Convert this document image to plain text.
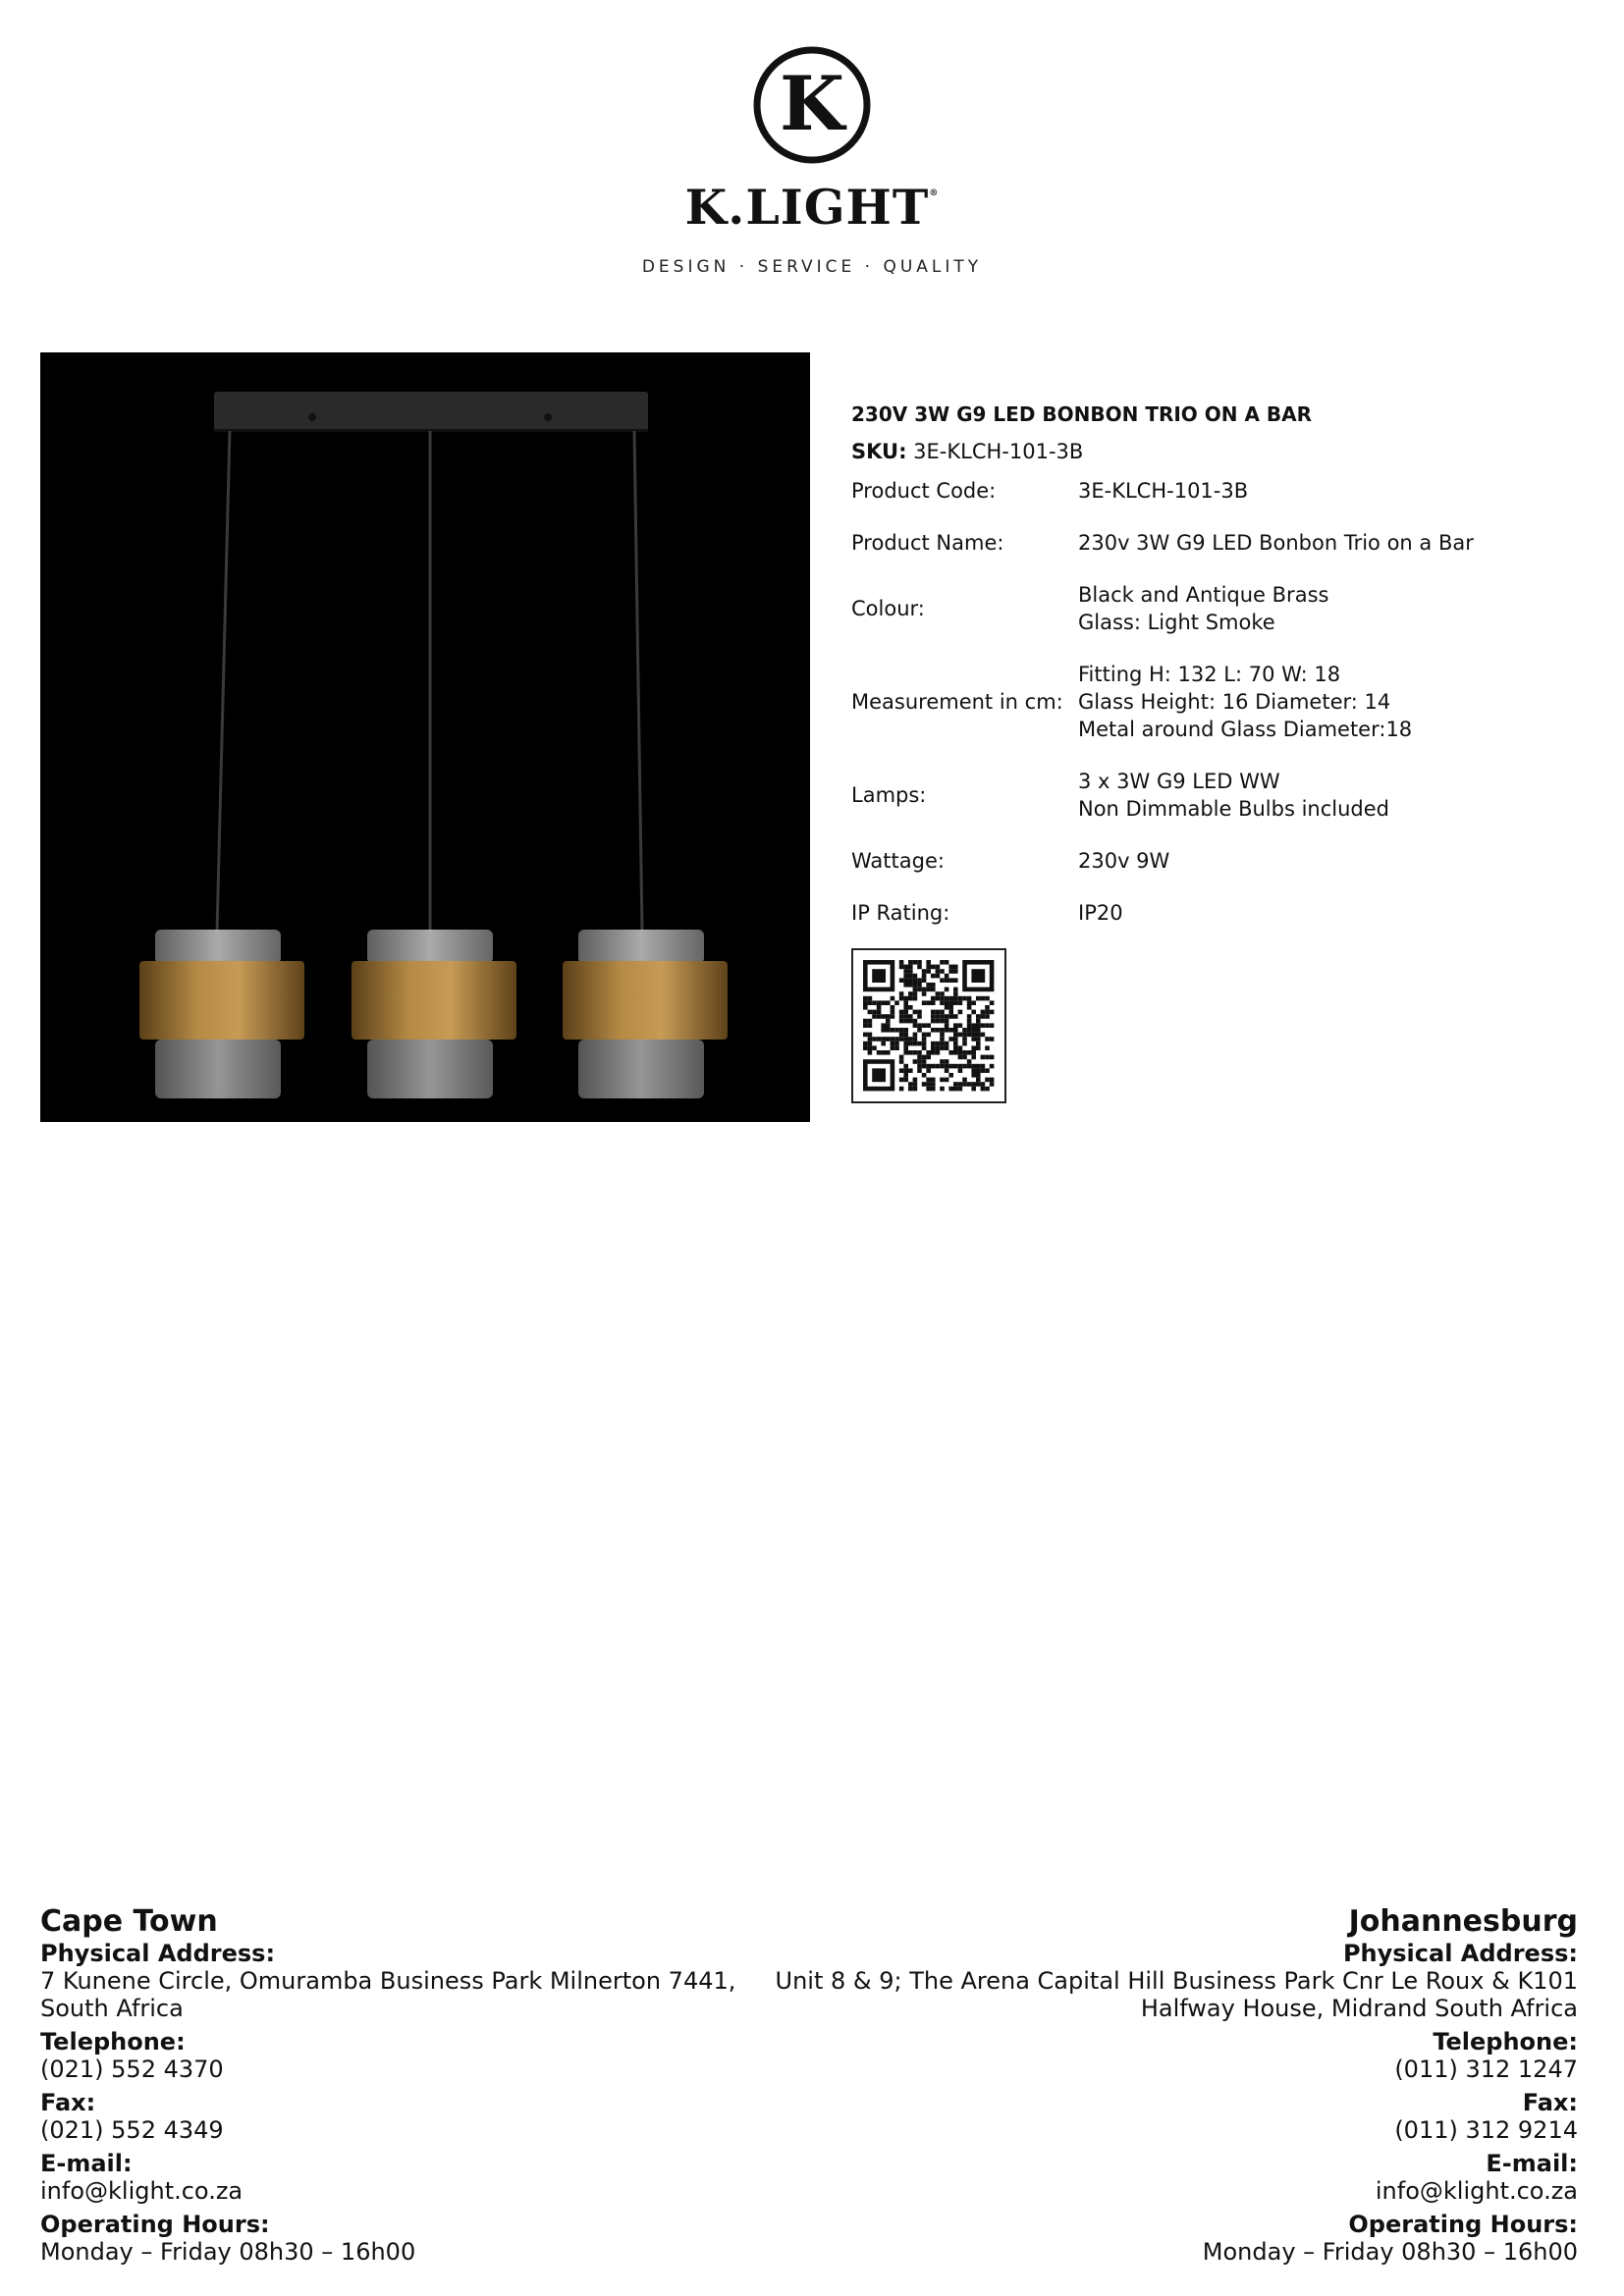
K
K.LIGHT®
DESIGN · SERVICE · QUALITY
230V 3W G9 LED BONBON TRIO ON A BAR
SKU: 3E-KLCH-101-3B
Product Code:	3E-KLCH-101-3B

Product Name:	230v 3W G9 LED Bonbon Trio on a Bar

Colour:	Black and Antique Brass
Glass: Light Smoke

Measurement in cm:	Fitting H: 132 L: 70 W: 18
Glass Height: 16 Diameter: 14
Metal around Glass Diameter:18

Lamps:	3 x 3W G9 LED WW
Non Dimmable Bulbs included

Wattage:	230v 9W

IP Rating:	IP20
Cape Town
Physical Address:
7 Kunene Circle, Omuramba Business Park Milnerton 7441, South Africa
Telephone:
(021) 552 4370
Fax:
(021) 552 4349
E-mail:
info@klight.co.za
Operating Hours:
Monday – Friday 08h30 – 16h00
Johannesburg
Physical Address:
Unit 8 & 9; The Arena Capital Hill Business Park Cnr Le Roux & K101 Halfway House, Midrand South Africa
Telephone:
(011) 312 1247
Fax:
(011) 312 9214
E-mail:
info@klight.co.za
Operating Hours:
Monday – Friday 08h30 – 16h00
